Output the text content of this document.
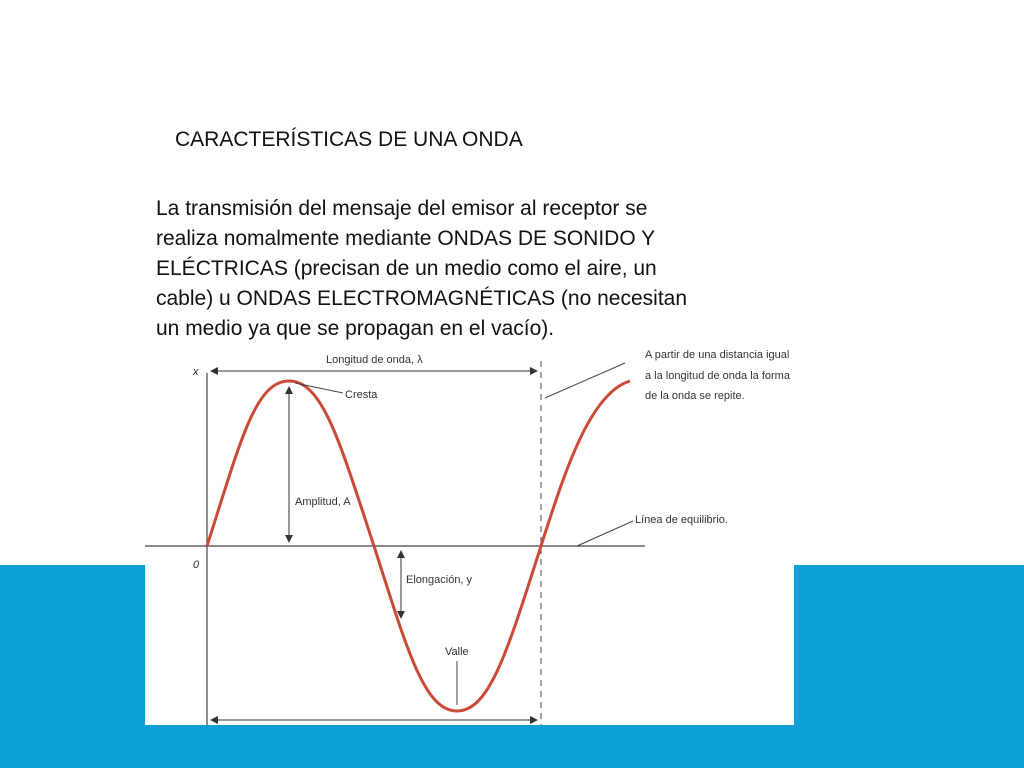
CARACTERÍSTICAS DE UNA ONDA
La transmisión del mensaje del emisor al receptor se
realiza nomalmente mediante ONDAS DE SONIDO Y
ELÉCTRICAS (precisan de un medio como el aire, un
cable) u ONDAS ELECTROMAGNÉTICAS (no necesitan
un medio ya que se propagan en el vacío).
x
0
Longitud de onda, λ
Cresta
Amplitud, A
Elongación, y
Valle
Línea de equilibrio.
A partir de una distancia igual
a la longitud de onda la forma
de la onda se repite.
